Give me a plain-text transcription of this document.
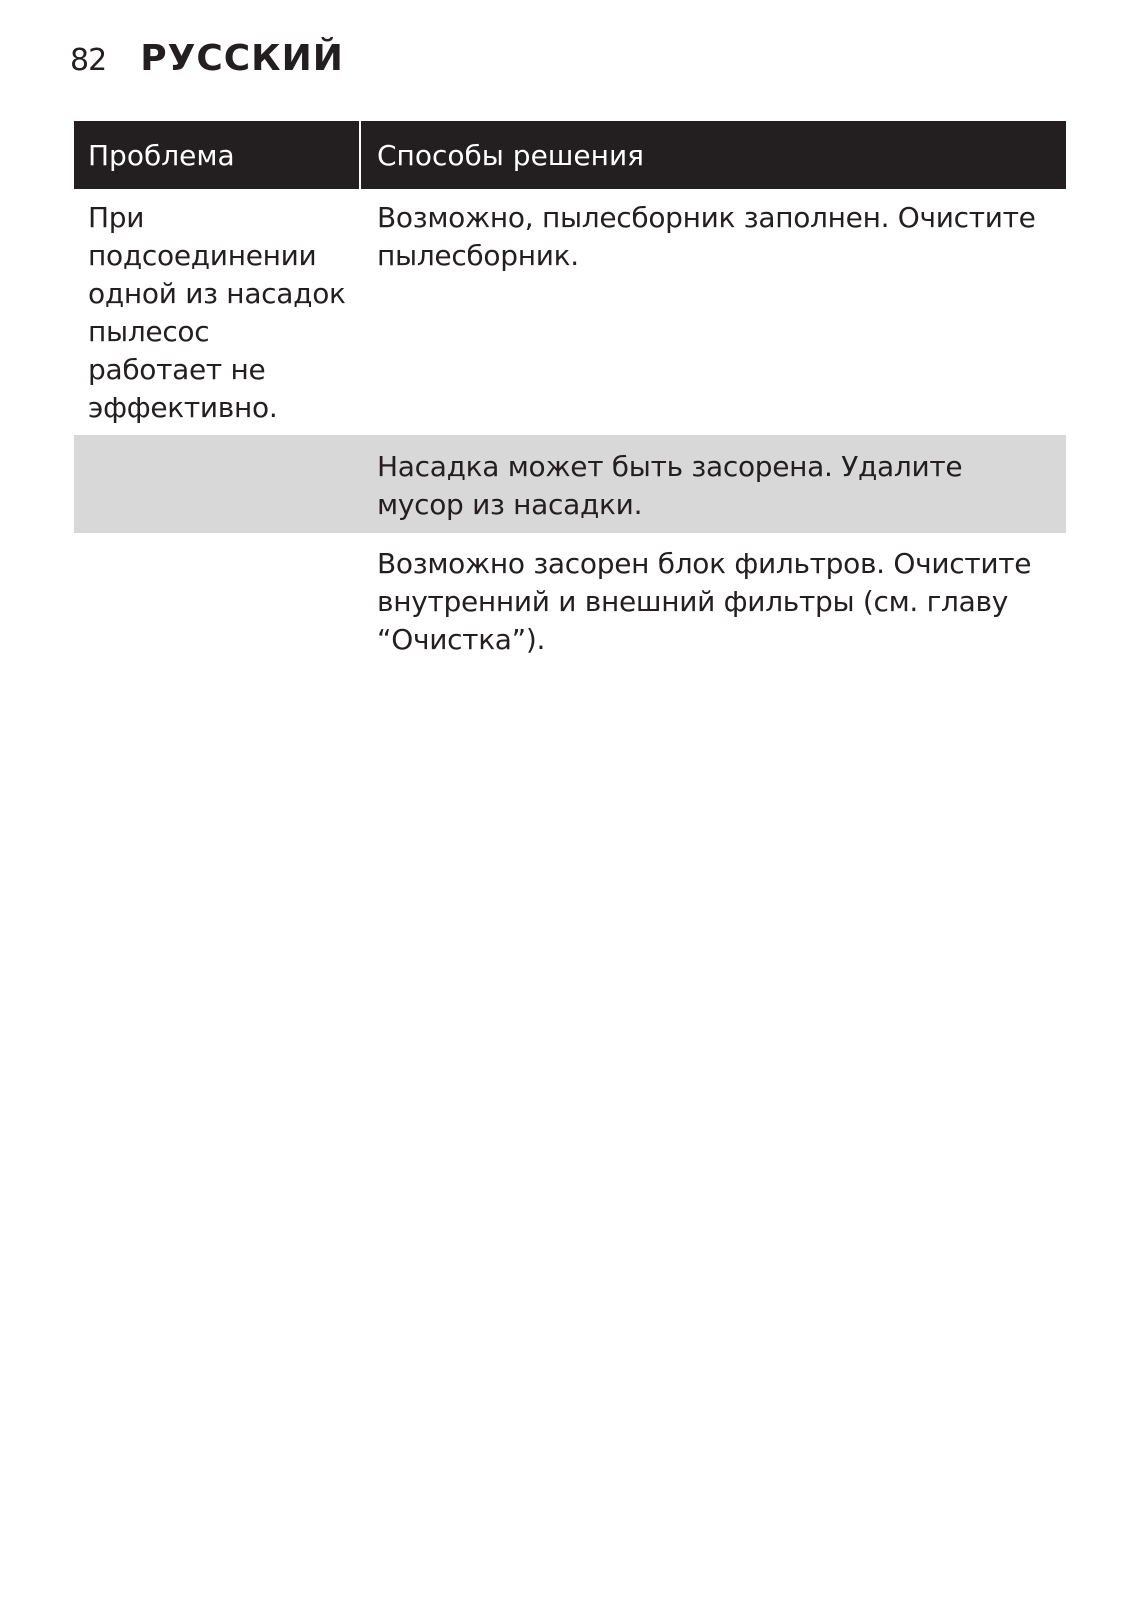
82 РУССКИЙ
Проблема	Способы решения
При подсоединении одной из насадок пылесос работает не эффективно.
Возможно, пылесборник заполнен. Очистите пылесборник.
Насадка может быть засорена. Удалите мусор из насадки.
Возможно засорен блок фильтров. Очистите внутренний и внешний фильтры (см. главу “Очистка”).
